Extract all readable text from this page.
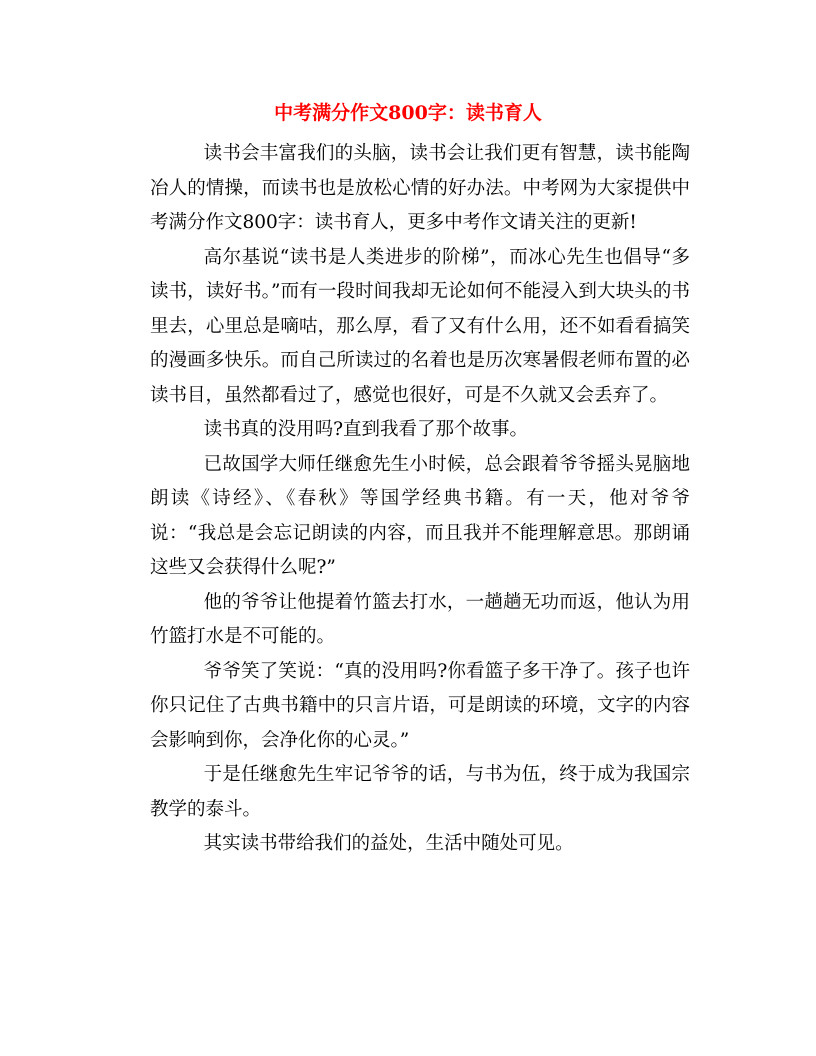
中考满分作文800字：读书育人

读书会丰富我们的头脑，读书会让我们更有智慧，读书能陶冶人的情操，而读书也是放松心情的好办法。中考网为大家提供中考满分作文800字：读书育人，更多中考作文请关注的更新!

高尔基说“读书是人类进步的阶梯”，而冰心先生也倡导“多读书，读好书。”而有一段时间我却无论如何不能浸入到大块头的书里去，心里总是嘀咕，那么厚，看了又有什么用，还不如看看搞笑的漫画多快乐。而自己所读过的名着也是历次寒暑假老师布置的必读书目，虽然都看过了，感觉也很好，可是不久就又会丢弃了。

读书真的没用吗?直到我看了那个故事。

已故国学大师任继愈先生小时候，总会跟着爷爷摇头晃脑地朗读《诗经》、《春秋》等国学经典书籍。有一天，他对爷爷说：“我总是会忘记朗读的内容，而且我并不能理解意思。那朗诵这些又会获得什么呢?”

他的爷爷让他提着竹篮去打水，一趟趟无功而返，他认为用竹篮打水是不可能的。

爷爷笑了笑说：“真的没用吗?你看篮子多干净了。孩子也许你只记住了古典书籍中的只言片语，可是朗读的环境，文字的内容会影响到你，会净化你的心灵。”

于是任继愈先生牢记爷爷的话，与书为伍，终于成为我国宗教学的泰斗。

其实读书带给我们的益处，生活中随处可见。
